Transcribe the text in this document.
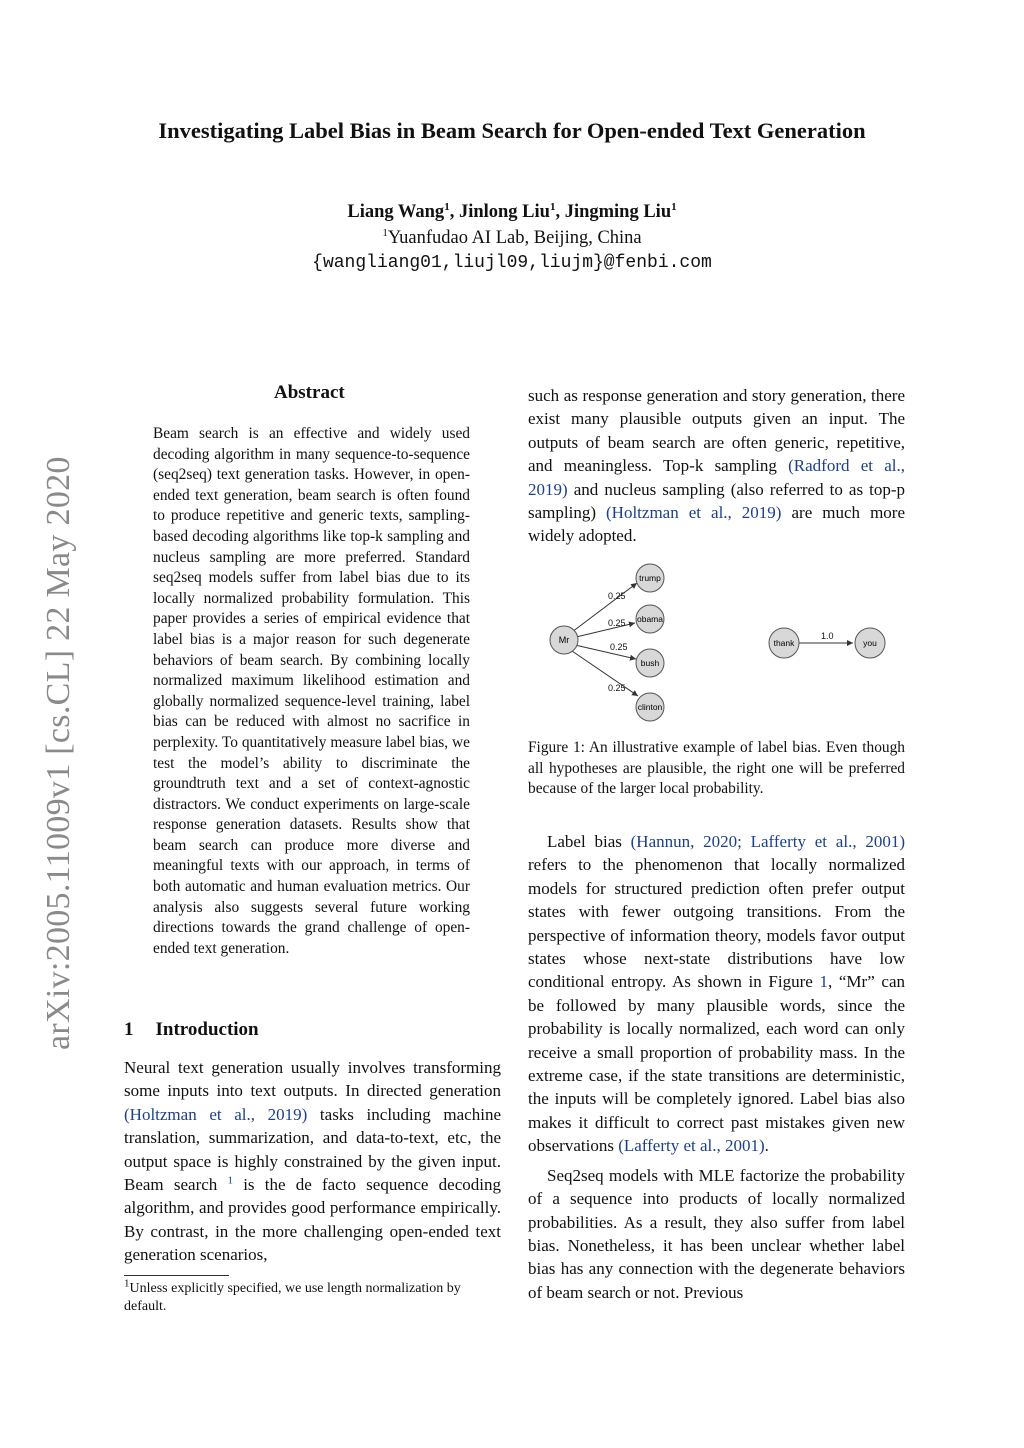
Investigating Label Bias in Beam Search for Open-ended Text Generation
Liang Wang$^1$, Jinlong Liu$^1$, Jingming Liu$^1$
$^1$Yuanfudao AI Lab, Beijing, China
{wangliang01,liujl09,liujm}@fenbi.com
arXiv:2005.11009v1 [cs.CL] 22 May 2020
Abstract
Beam search is an effective and widely used decoding algorithm in many sequence-to-sequence (seq2seq) text generation tasks. However, in open-ended text generation, beam search is often found to produce repetitive and generic texts, sampling-based decoding algorithms like top-k sampling and nucleus sampling are more preferred. Standard seq2seq models suffer from label bias due to its locally normalized probability formulation. This paper provides a series of empirical evidence that label bias is a major reason for such degenerate behaviors of beam search. By combining locally normalized maximum likelihood estimation and globally normalized sequence-level training, label bias can be reduced with almost no sacrifice in perplexity. To quantitatively measure label bias, we test the model’s ability to discriminate the groundtruth text and a set of context-agnostic distractors. We conduct experiments on large-scale response generation datasets. Results show that beam search can produce more diverse and meaningful texts with our approach, in terms of both automatic and human evaluation metrics. Our analysis also suggests several future working directions towards the grand challenge of open-ended text generation.
1 Introduction
Neural text generation usually involves transforming some inputs into text outputs. In directed generation (Holtzman et al., 2019) tasks including machine translation, summarization, and data-to-text, etc, the output space is highly constrained by the given input. Beam search $^1$ is the de facto sequence decoding algorithm, and provides good performance empirically. By contrast, in the more challenging open-ended text generation scenarios,
$^1$Unless explicitly specified, we use length normalization by default.
such as response generation and story generation, there exist many plausible outputs given an input. The outputs of beam search are often generic, repetitive, and meaningless. Top-k sampling (Radford et al., 2019) and nucleus sampling (also referred to as top-p sampling) (Holtzman et al., 2019) are much more widely adopted.
0.25
0.25
0.25
0.25
Mr
trump
obama
bush
clinton
1.0
thank	you
Figure 1: An illustrative example of label bias. Even though all hypotheses are plausible, the right one will be preferred because of the larger local probability.

Label bias (Hannun, 2020; Lafferty et al., 2001) refers to the phenomenon that locally normalized models for structured prediction often prefer output states with fewer outgoing transitions. From the perspective of information theory, models favor output states whose next-state distributions have low conditional entropy. As shown in Figure 1, “Mr” can be followed by many plausible words, since the probability is locally normalized, each word can only receive a small proportion of probability mass. In the extreme case, if the state transitions are deterministic, the inputs will be completely ignored. Label bias also makes it difficult to correct past mistakes given new observations (Lafferty et al., 2001).

Seq2seq models with MLE factorize the probability of a sequence into products of locally normalized probabilities. As a result, they also suffer from label bias. Nonetheless, it has been unclear whether label bias has any connection with the degenerate behaviors of beam search or not. Previous
